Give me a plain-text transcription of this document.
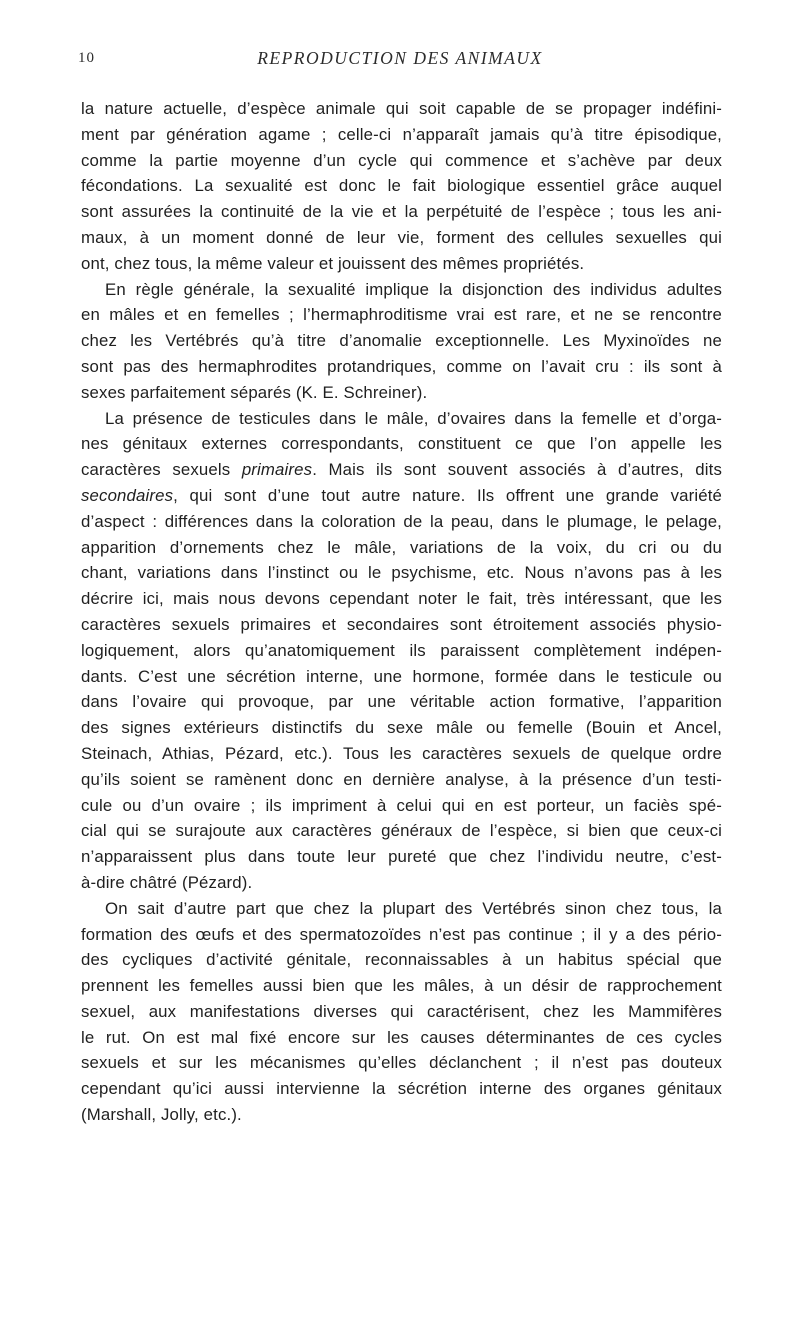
10	REPRODUCTION DES ANIMAUX

la nature actuelle, d’espèce animale qui soit capable de se propager indéfini-
ment par génération agame ; celle-ci n’apparaît jamais qu’à titre épisodique,
comme la partie moyenne d’un cycle qui commence et s’achève par deux
fécondations. La sexualité est donc le fait biologique essentiel grâce auquel
sont assurées la continuité de la vie et la perpétuité de l’espèce ; tous les ani-
maux, à un moment donné de leur vie, forment des cellules sexuelles qui
ont, chez tous, la même valeur et jouissent des mêmes propriétés.

En règle générale, la sexualité implique la disjonction des individus adultes
en mâles et en femelles ; l’hermaphroditisme vrai est rare, et ne se rencontre
chez les Vertébrés qu’à titre d’anomalie exceptionnelle. Les Myxinoïdes ne
sont pas des hermaphrodites protandriques, comme on l’avait cru : ils sont à
sexes parfaitement séparés (K. E. Schreiner).

La présence de testicules dans le mâle, d’ovaires dans la femelle et d’orga-
nes génitaux externes correspondants, constituent ce que l’on appelle les
caractères sexuels primaires. Mais ils sont souvent associés à d’autres, dits
secondaires, qui sont d’une tout autre nature. Ils offrent une grande variété
d’aspect : différences dans la coloration de la peau, dans le plumage, le pelage,
apparition d’ornements chez le mâle, variations de la voix, du cri ou du
chant, variations dans l’instinct ou le psychisme, etc. Nous n’avons pas à les
décrire ici, mais nous devons cependant noter le fait, très intéressant, que les
caractères sexuels primaires et secondaires sont étroitement associés physio-
logiquement, alors qu’anatomiquement ils paraissent complètement indépen-
dants. C’est une sécrétion interne, une hormone, formée dans le testicule ou
dans l’ovaire qui provoque, par une véritable action formative, l’apparition
des signes extérieurs distinctifs du sexe mâle ou femelle (Bouin et Ancel,
Steinach, Athias, Pézard, etc.). Tous les caractères sexuels de quelque ordre
qu’ils soient se ramènent donc en dernière analyse, à la présence d’un testi-
cule ou d’un ovaire ; ils impriment à celui qui en est porteur, un faciès spé-
cial qui se surajoute aux caractères généraux de l’espèce, si bien que ceux-ci
n’apparaissent plus dans toute leur pureté que chez l’individu neutre, c’est-
à-dire châtré (Pézard).

On sait d’autre part que chez la plupart des Vertébrés sinon chez tous, la
formation des œufs et des spermatozoïdes n’est pas continue ; il y a des pério-
des cycliques d’activité génitale, reconnaissables à un habitus spécial que
prennent les femelles aussi bien que les mâles, à un désir de rapprochement
sexuel, aux manifestations diverses qui caractérisent, chez les Mammifères
le rut. On est mal fixé encore sur les causes déterminantes de ces cycles
sexuels et sur les mécanismes qu’elles déclanchent ; il n’est pas douteux
cependant qu’ici aussi intervienne la sécrétion interne des organes génitaux
(Marshall, Jolly, etc.).
